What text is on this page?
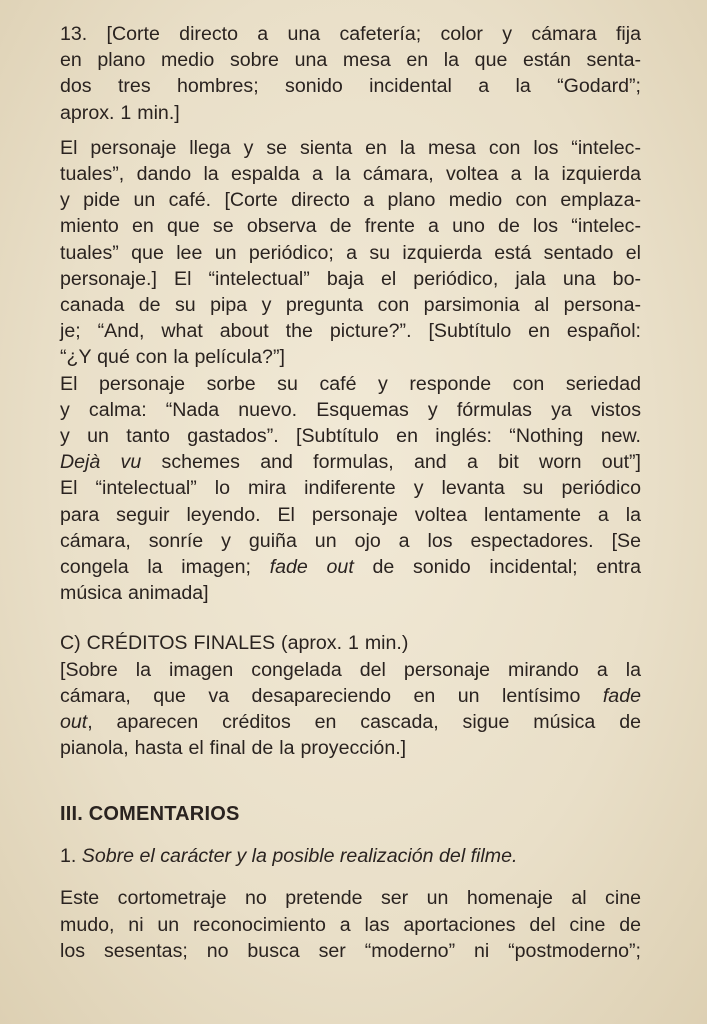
13. [Corte directo a una cafetería; color y cámara fija
en plano medio sobre una mesa en la que están senta-
dos tres hombres; sonido incidental a la “Godard”;
aprox. 1 min.]

El personaje llega y se sienta en la mesa con los “intelec-
tuales”, dando la espalda a la cámara, voltea a la izquierda
y pide un café. [Corte directo a plano medio con emplaza-
miento en que se observa de frente a uno de los “intelec-
tuales” que lee un periódico; a su izquierda está sentado el
personaje.] El “intelectual” baja el periódico, jala una bo-
canada de su pipa y pregunta con parsimonia al persona-
je; “And, what about the picture?”. [Subtítulo en español:
“¿Y qué con la película?”]

El personaje sorbe su café y responde con seriedad
y calma: “Nada nuevo. Esquemas y fórmulas ya vistos
y un tanto gastados”. [Subtítulo en inglés: “Nothing new.
Dejà vu schemes and formulas, and a bit worn out”]

El “intelectual” lo mira indiferente y levanta su periódico
para seguir leyendo. El personaje voltea lentamente a la
cámara, sonríe y guiña un ojo a los espectadores. [Se
congela la imagen; fade out de sonido incidental; entra
música animada]

C) CRÉDITOS FINALES (aprox. 1 min.)
[Sobre la imagen congelada del personaje mirando a la
cámara, que va desapareciendo en un lentísimo fade
out, aparecen créditos en cascada, sigue música de
pianola, hasta el final de la proyección.]

III. COMENTARIOS

1. Sobre el carácter y la posible realización del filme.

Este cortometraje no pretende ser un homenaje al cine
mudo, ni un reconocimiento a las aportaciones del cine de
los sesentas; no busca ser “moderno” ni “postmoderno”;
